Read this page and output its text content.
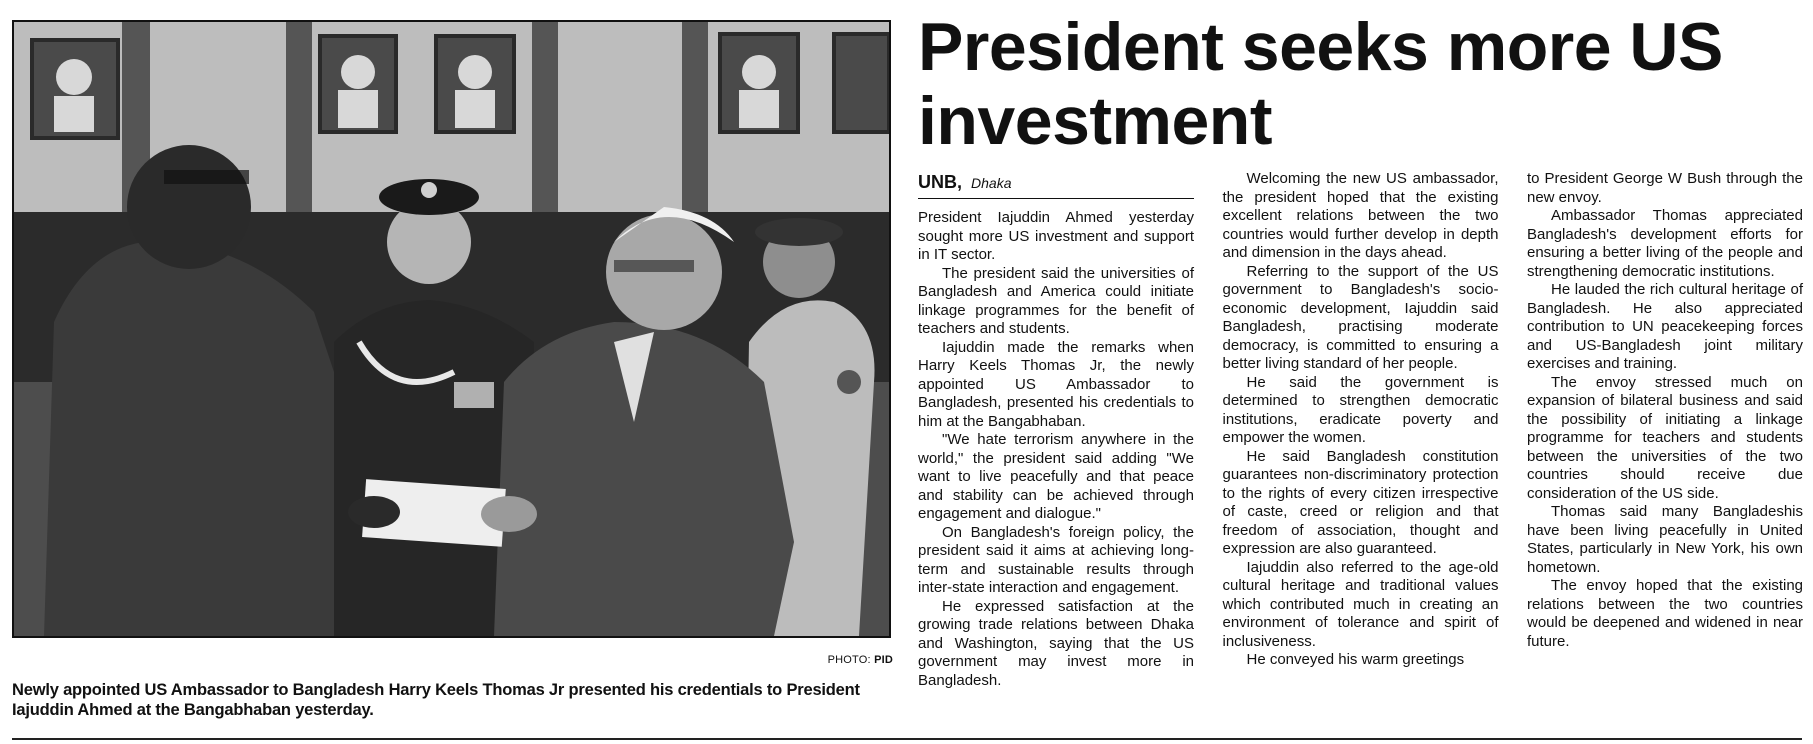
PHOTO: PID
Newly appointed US Ambassador to Bangladesh Harry Keels Thomas Jr presented his credentials to President Iajuddin Ahmed at the Bangabhaban yesterday.
President seeks more US investment
UNB, Dhaka

President Iajuddin Ahmed yesterday sought more US investment and support in IT sector.

The president said the universities of Bangladesh and America could initiate linkage programmes for the benefit of teachers and students.

Iajuddin made the remarks when Harry Keels Thomas Jr, the newly appointed US Ambassador to Bangladesh, presented his credentials to him at the Bangabhaban.

"We hate terrorism anywhere in the world," the president said adding "We want to live peacefully and that peace and stability can be achieved through engagement and dialogue."

On Bangladesh's foreign policy, the president said it aims at achieving long-term and sustainable results through inter-state interaction and engagement.

He expressed satisfaction at the growing trade relations between Dhaka and Washington, saying that the US government may invest more in Bangladesh.

Welcoming the new US ambassador, the president hoped that the existing excellent relations between the two countries would further develop in depth and dimension in the days ahead.

Referring to the support of the US government to Bangladesh's socio-economic development, Iajuddin said Bangladesh, practising moderate democracy, is committed to ensuring a better living standard of her people.

He said the government is determined to strengthen democratic institutions, eradicate poverty and empower the women.

He said Bangladesh constitution guarantees non-discriminatory protection to the rights of every citizen irrespective of caste, creed or religion and that freedom of association, thought and expression are also guaranteed.

Iajuddin also referred to the age-old cultural heritage and traditional values which contributed much in creating an environment of tolerance and spirit of inclusiveness.

He conveyed his warm greetings

to President George W Bush through the new envoy.

Ambassador Thomas appreciated Bangladesh's development efforts for ensuring a better living of the people and strengthening democratic institutions.

He lauded the rich cultural heritage of Bangladesh. He also appreciated contribution to UN peacekeeping forces and US-Bangladesh joint military exercises and training.

The envoy stressed much on expansion of bilateral business and said the possibility of initiating a linkage programme for teachers and students between the universities of the two countries should receive due consideration of the US side.

Thomas said many Bangladeshis have been living peacefully in United States, particularly in New York, his own hometown.

The envoy hoped that the existing relations between the two countries would be deepened and widened in near future.
